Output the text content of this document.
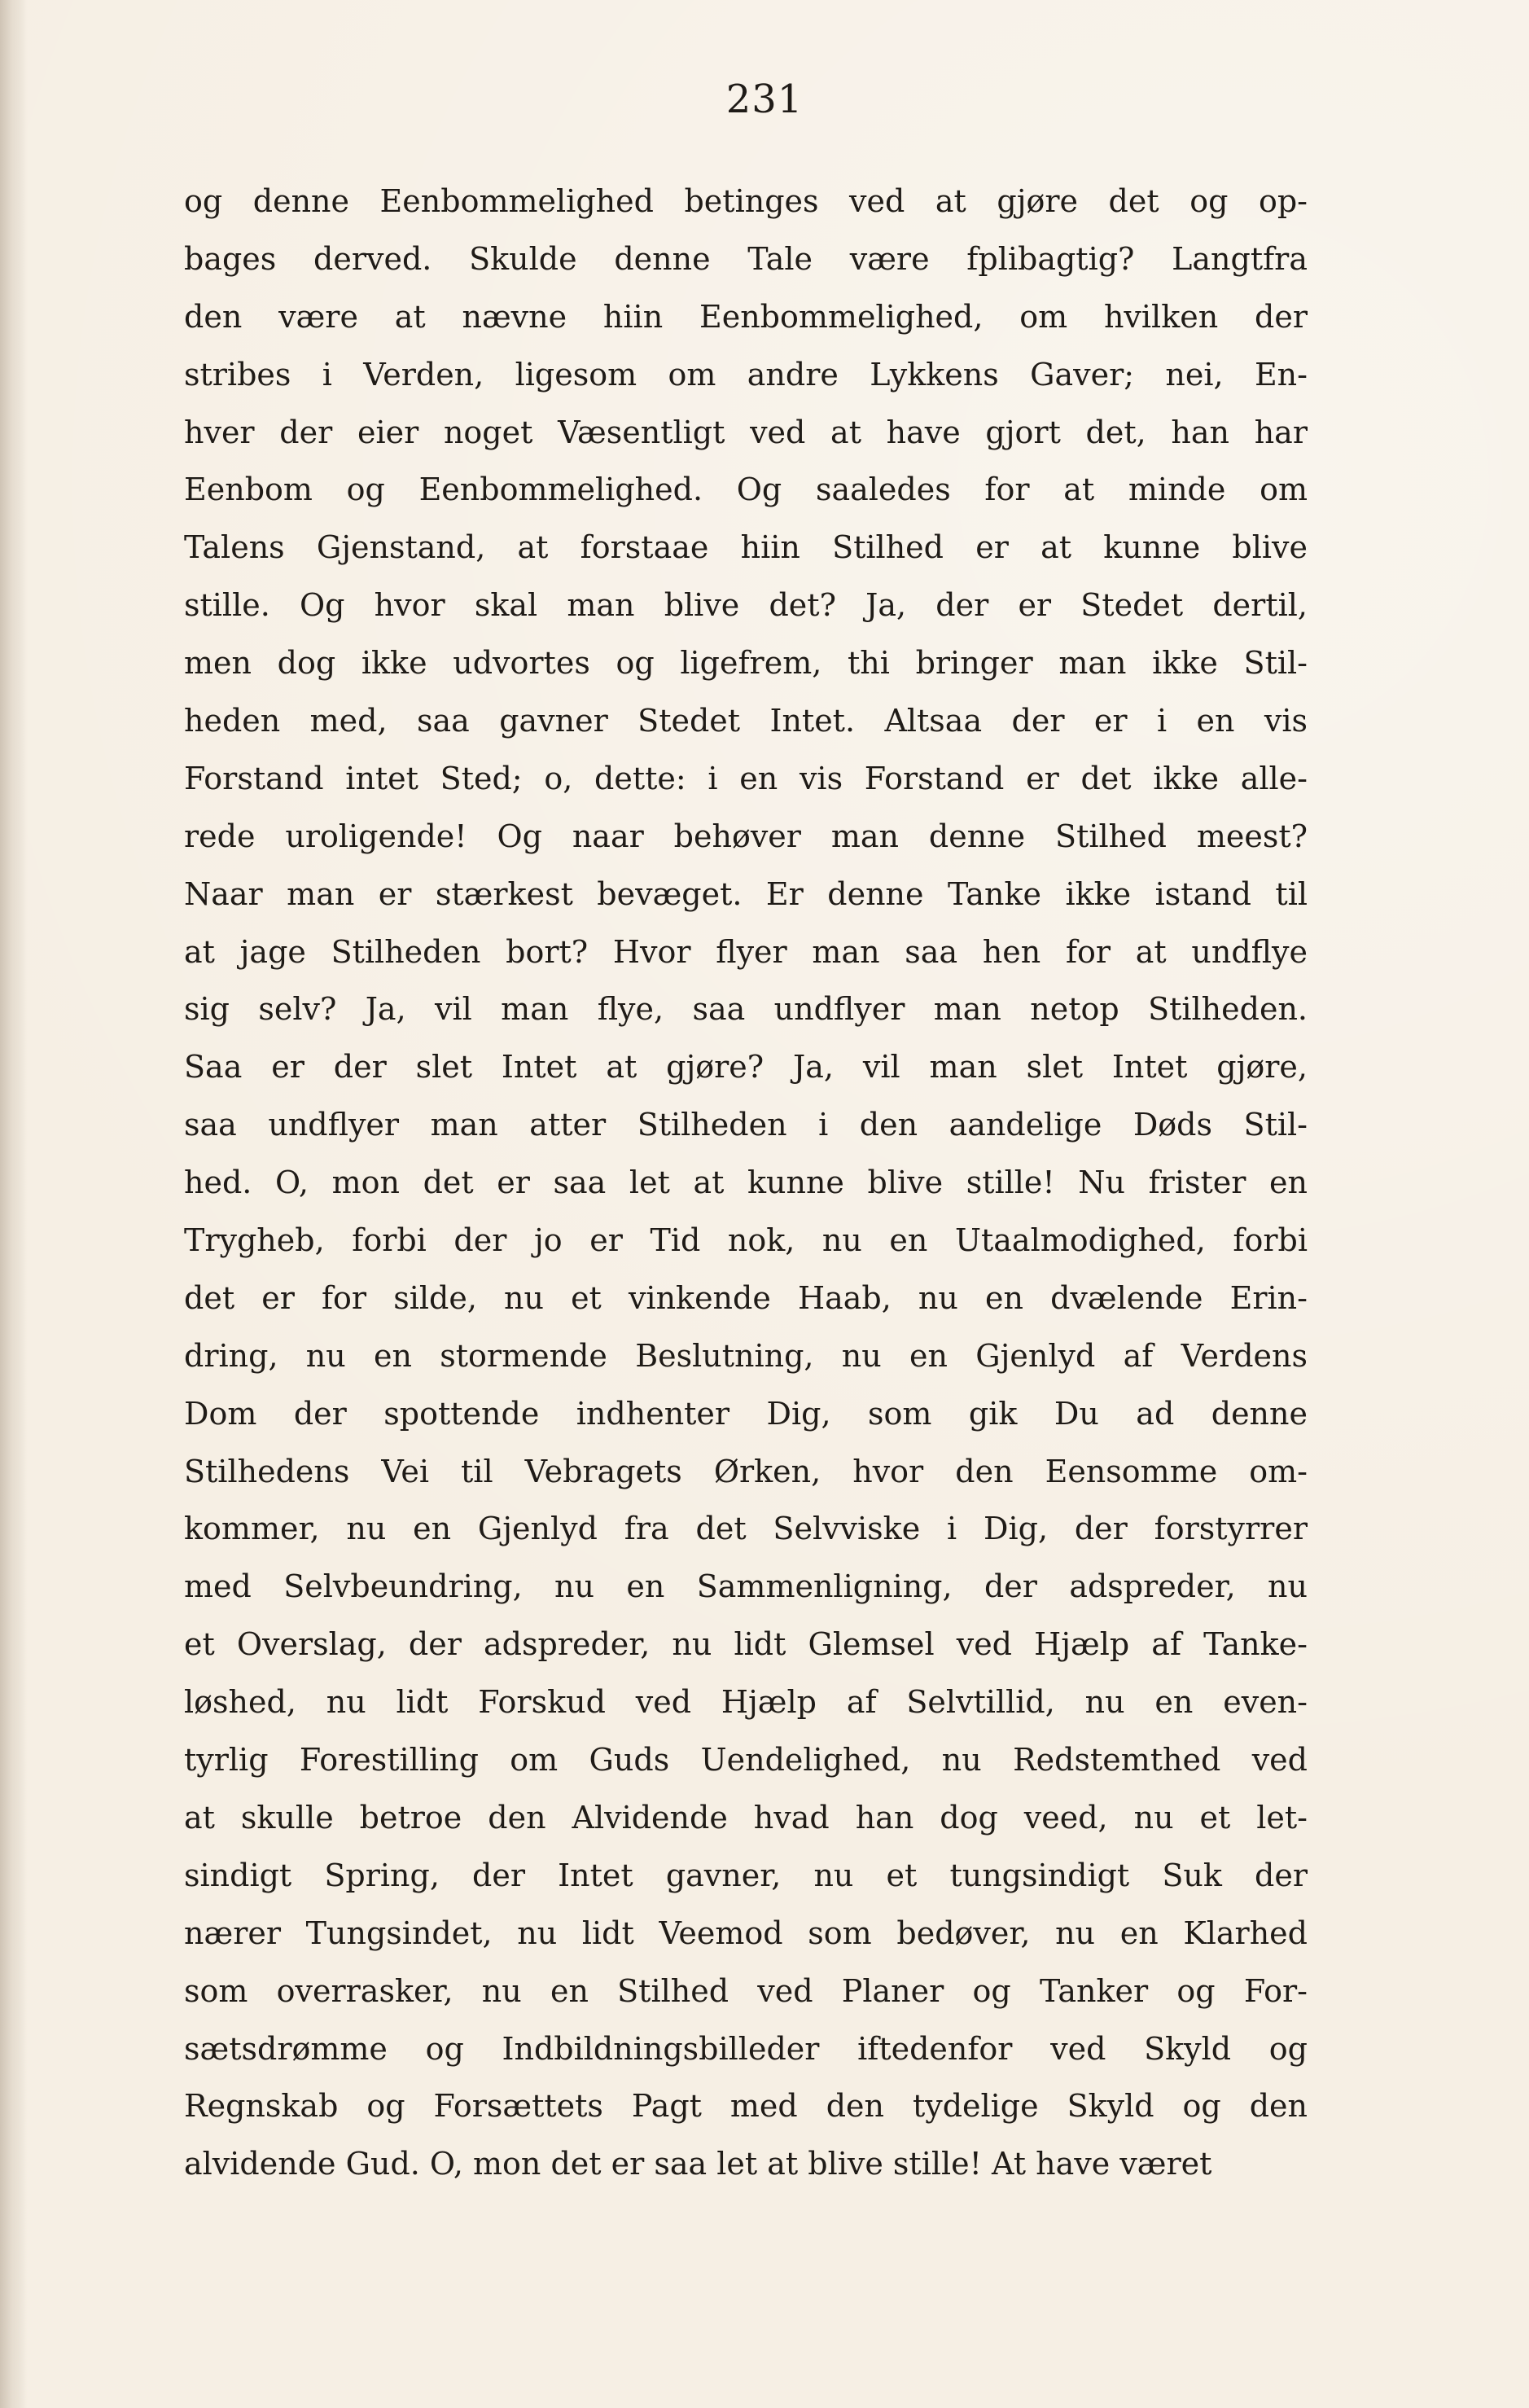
231
og denne Eenbommelighed betinges ved at gjøre det og op-
bages derved. Skulde denne Tale være fplibagtig? Langtfra
den være at nævne hiin Eenbommelighed, om hvilken der
stribes i Verden, ligesom om andre Lykkens Gaver; nei, En-
hver der eier noget Væsentligt ved at have gjort det, han har
Eenbom og Eenbommelighed. Og saaledes for at minde om
Talens Gjenstand, at forstaae hiin Stilhed er at kunne blive
stille. Og hvor skal man blive det? Ja, der er Stedet dertil,
men dog ikke udvortes og ligefrem, thi bringer man ikke Stil-
heden med, saa gavner Stedet Intet. Altsaa der er i en vis
Forstand intet Sted; o, dette: i en vis Forstand er det ikke alle-
rede uroligende! Og naar behøver man denne Stilhed meest?
Naar man er stærkest bevæget. Er denne Tanke ikke istand til
at jage Stilheden bort? Hvor flyer man saa hen for at undflye
sig selv? Ja, vil man flye, saa undflyer man netop Stilheden.
Saa er der slet Intet at gjøre? Ja, vil man slet Intet gjøre,
saa undflyer man atter Stilheden i den aandelige Døds Stil-
hed. O, mon det er saa let at kunne blive stille! Nu frister en
Trygheb, forbi der jo er Tid nok, nu en Utaalmodighed, forbi
det er for silde, nu et vinkende Haab, nu en dvælende Erin-
dring, nu en stormende Beslutning, nu en Gjenlyd af Verdens
Dom der spottende indhenter Dig, som gik Du ad denne
Stilhedens Vei til Vebragets Ørken, hvor den Eensomme om-
kommer, nu en Gjenlyd fra det Selvviske i Dig, der forstyrrer
med Selvbeundring, nu en Sammenligning, der adspreder, nu
et Overslag, der adspreder, nu lidt Glemsel ved Hjælp af Tanke-
løshed, nu lidt Forskud ved Hjælp af Selvtillid, nu en even-
tyrlig Forestilling om Guds Uendelighed, nu Redstemthed ved
at skulle betroe den Alvidende hvad han dog veed, nu et let-
sindigt Spring, der Intet gavner, nu et tungsindigt Suk der
nærer Tungsindet, nu lidt Veemod som bedøver, nu en Klarhed
som overrasker, nu en Stilhed ved Planer og Tanker og For-
sætsdrømme og Indbildningsbilleder iftedenfor ved Skyld og
Regnskab og Forsættets Pagt med den tydelige Skyld og den
alvidende Gud. O, mon det er saa let at blive stille! At have været
